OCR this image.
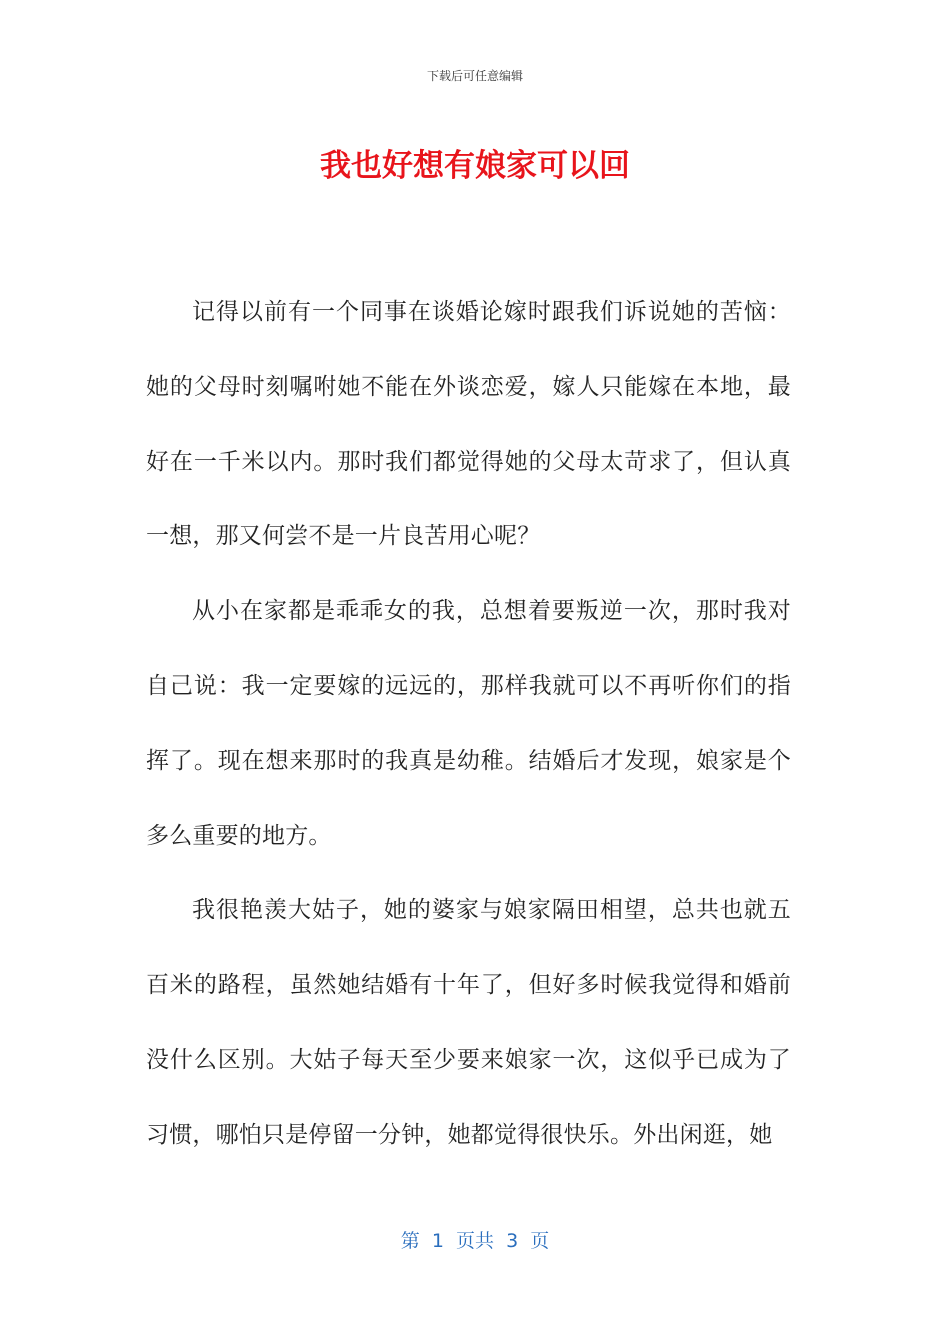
下载后可任意编辑
我也好想有娘家可以回

记得以前有一个同事在谈婚论嫁时跟我们诉说她的苦恼：她的父母时刻嘱咐她不能在外谈恋爱，嫁人只能嫁在本地，最好在一千米以内。那时我们都觉得她的父母太苛求了，但认真一想，那又何尝不是一片良苦用心呢？

从小在家都是乖乖女的我，总想着要叛逆一次，那时我对自己说：我一定要嫁的远远的，那样我就可以不再听你们的指挥了。现在想来那时的我真是幼稚。结婚后才发现，娘家是个多么重要的地方。

我很艳羡大姑子，她的婆家与娘家隔田相望，总共也就五百米的路程，虽然她结婚有十年了，但好多时候我觉得和婚前没什么区别。大姑子每天至少要来娘家一次，这似乎已成为了习惯，哪怕只是停留一分钟，她都觉得很快乐。外出闲逛，她

第  1  页共  3  页
